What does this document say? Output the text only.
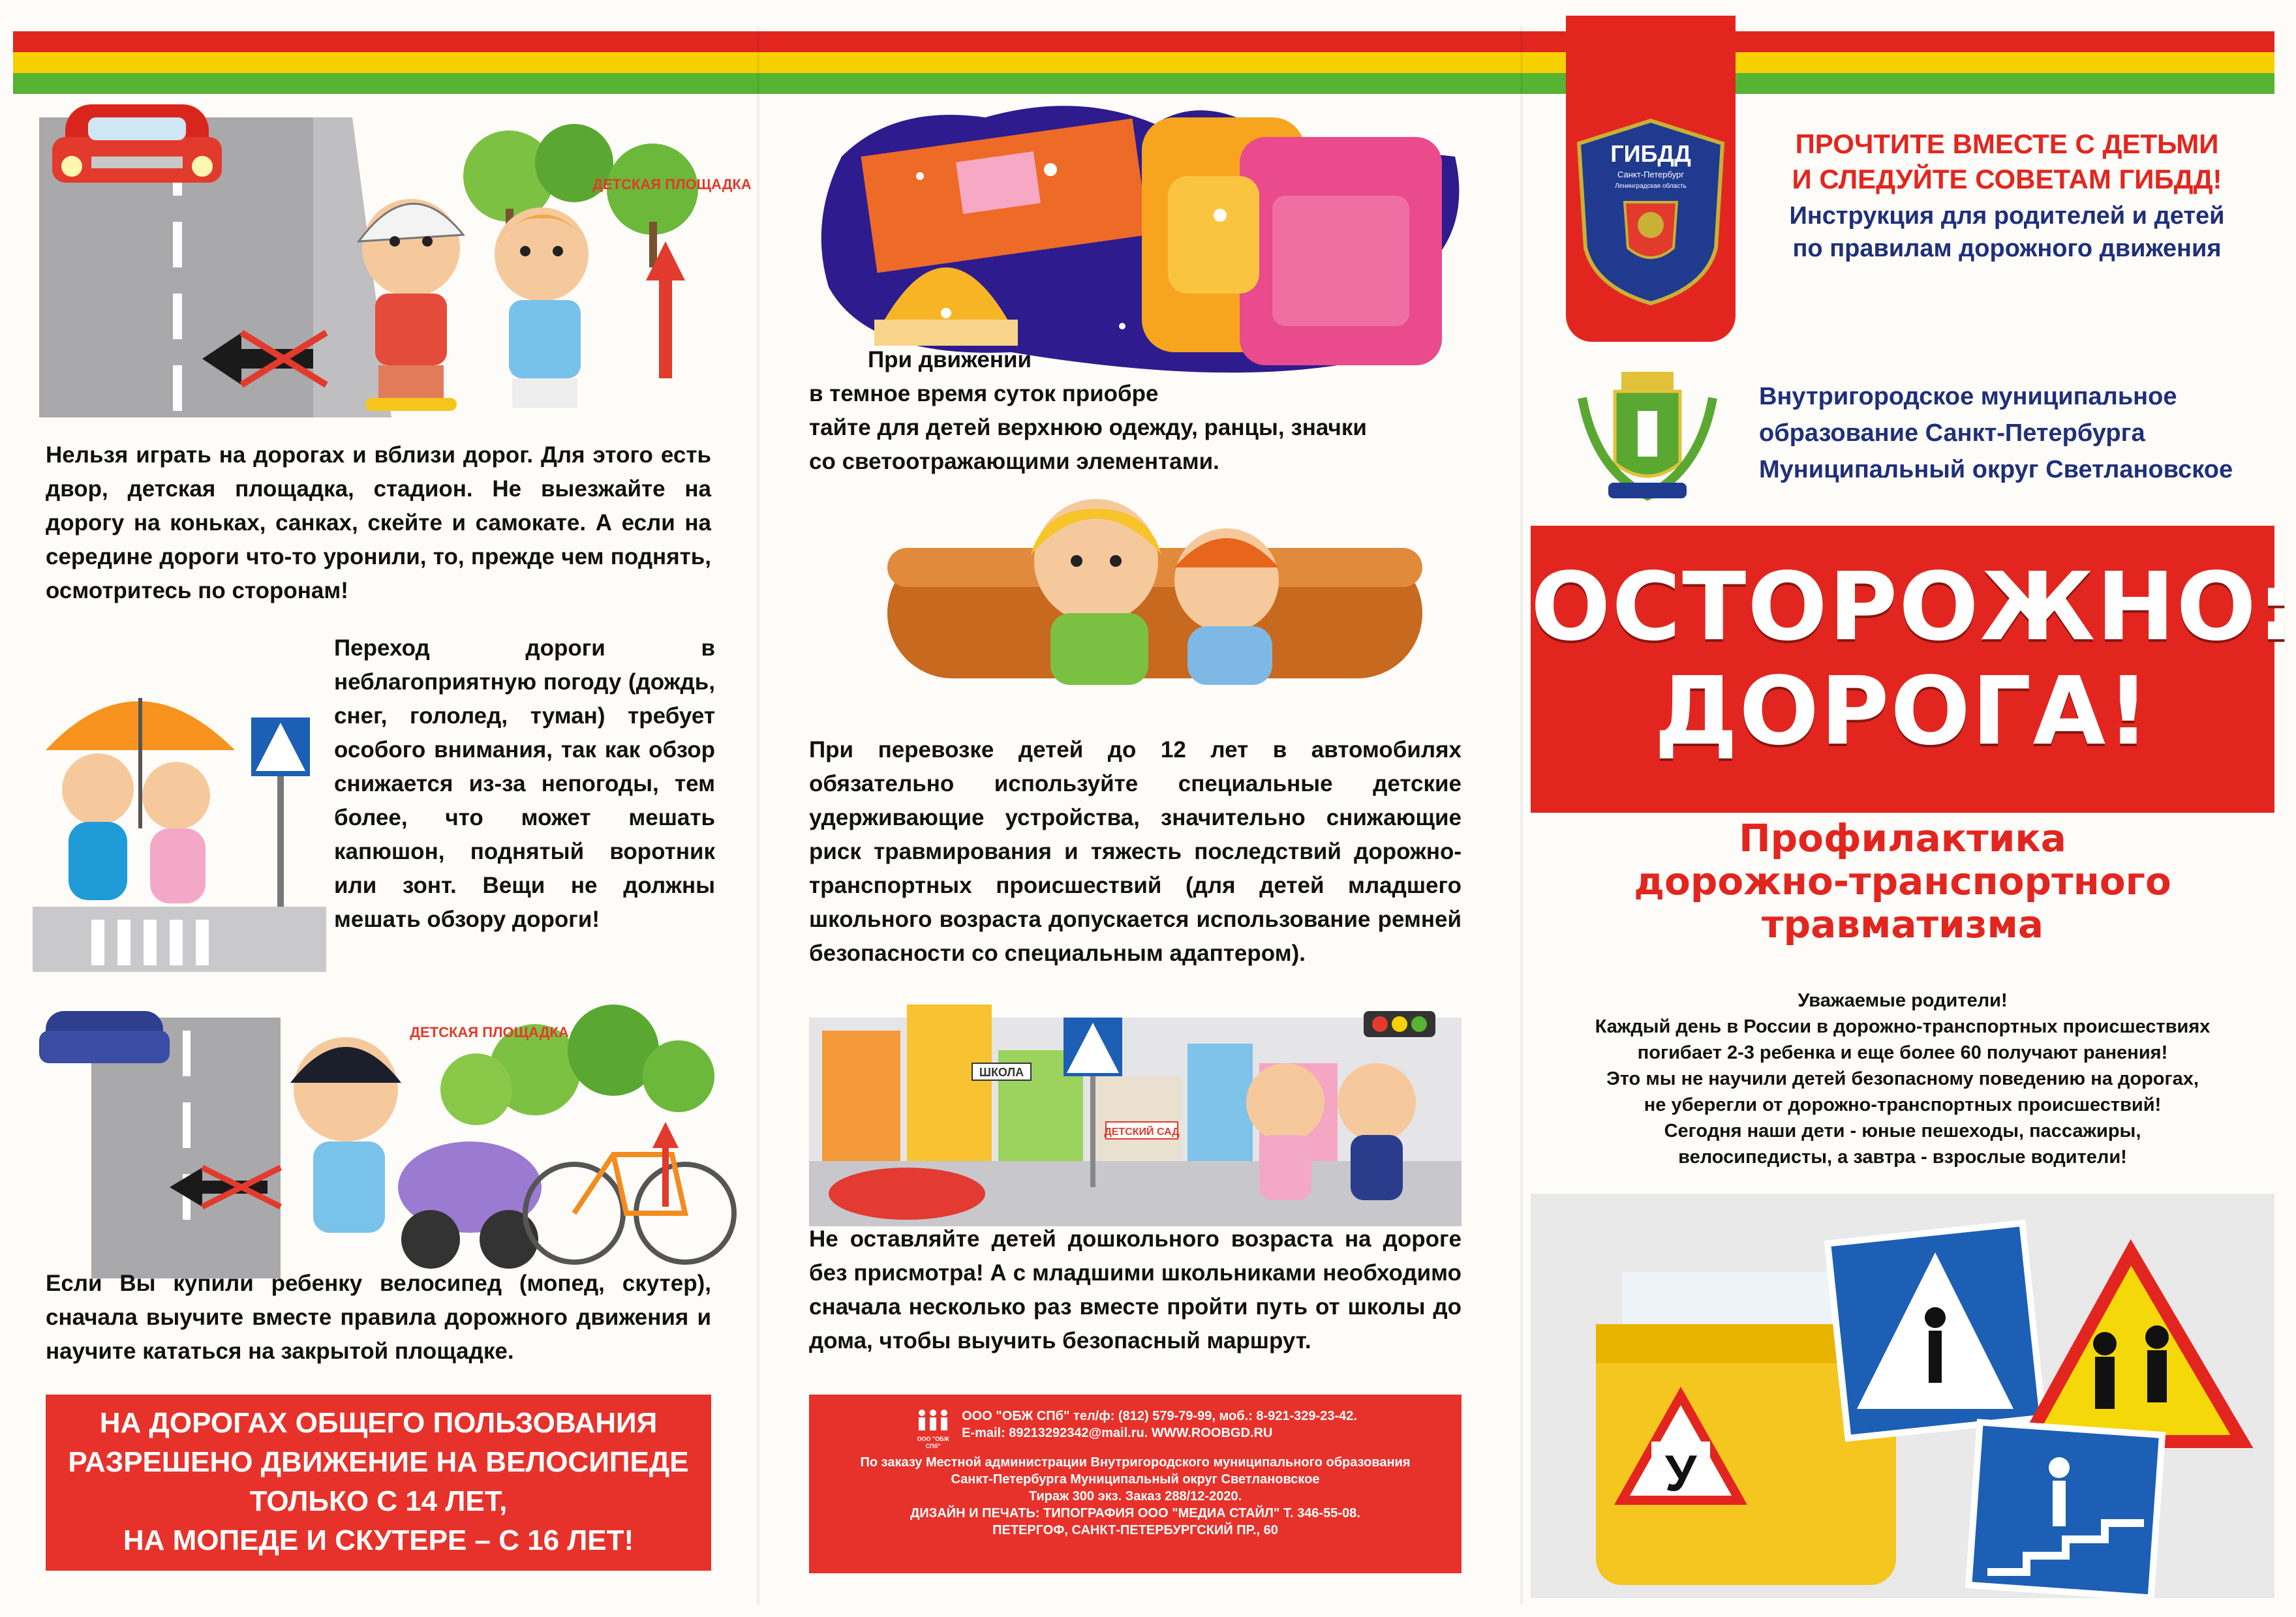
ДЕТСКАЯ ПЛОЩАДКА
Нельзя играть на дорогах и вблизи дорог. Для этого есть двор, детская площадка, стадион. Не выезжайте на дорогу на коньках, санках, скейте и самокате. А если на середине дороги что-то уронили, то, прежде чем поднять, осмотритесь по сторонам!
Переход дороги в неблагоприятную погоду (дождь, снег, гололед, туман) требует особого внимания, так как обзор снижается из-за непогоды, тем более, что может мешать капюшон, поднятый воротник или зонт. Вещи не должны мешать обзору дороги!
ДЕТСКАЯ ПЛОЩАДКА
Если Вы купили ребенку велосипед (мопед, скутер), сначала выучите вместе правила дорожного движения и научите кататься на закрытой площадке.
НА ДОРОГАХ ОБЩЕГО ПОЛЬЗОВАНИЯ
РАЗРЕШЕНО ДВИЖЕНИЕ НА ВЕЛОСИПЕДЕ
ТОЛЬКО С 14 ЛЕТ,
НА МОПЕДЕ И СКУТЕРЕ – С 16 ЛЕТ!
При движении
в темное время суток приобре
тайте для детей верхнюю одежду, ранцы, значки
со светоотражающими элементами.
При перевозке детей до 12 лет в автомобилях обязательно используйте специальные детские удерживающие устройства, значительно снижающие риск травмирования и тяжесть последствий дорожно-транспортных происшествий (для детей младшего школьного возраста допускается использование ремней безопасности со специальным адаптером).
ШКОЛА
ДЕТСКИЙ САД
Не оставляйте детей дошкольного возраста на дороге без присмотра! А с младшими школьниками необходимо сначала несколько раз вместе пройти путь от школы до дома, чтобы выучить безопасный маршрут.
ООО "ОБЖ СПб"
ООО "ОБЖ СПб" тел/ф: (812) 579-79-99, моб.: 8-921-329-23-42.
E-mail: 89213292342@mail.ru. WWW.ROOBGD.RU
По заказу Местной администрации Внутригородского муниципального образования
Санкт-Петербурга Муниципальный округ Светлановское
Тираж 300 экз. Заказ 288/12-2020.
ДИЗАЙН И ПЕЧАТЬ: ТИПОГРАФИЯ ООО "МЕДИА СТАЙЛ" Т. 346-55-08.
ПЕТЕРГОФ, САНКТ-ПЕТЕРБУРГСКИЙ ПР., 60
ГИБДД
Санкт-Петербург
Ленинградская область
ПРОЧТИТЕ ВМЕСТЕ С ДЕТЬМИ
И СЛЕДУЙТЕ СОВЕТАМ ГИБДД!
Инструкция для родителей и детей
по правилам дорожного движения
Внутригородское муниципальное
образование Санкт-Петербурга
Муниципальный округ Светлановское
ОСТОРОЖНО:
ДОРОГА!
Профилактика
дорожно-транспортного
травматизма
Уважаемые родители!
Каждый день в России в дорожно-транспортных происшествиях
погибает 2-3 ребенка и еще более 60 получают ранения!
Это мы не научили детей безопасному поведению на дорогах,
не уберегли от дорожно-транспортных происшествий!
Сегодня наши дети - юные пешеходы, пассажиры,
велосипедисты, а завтра - взрослые водители!
У
